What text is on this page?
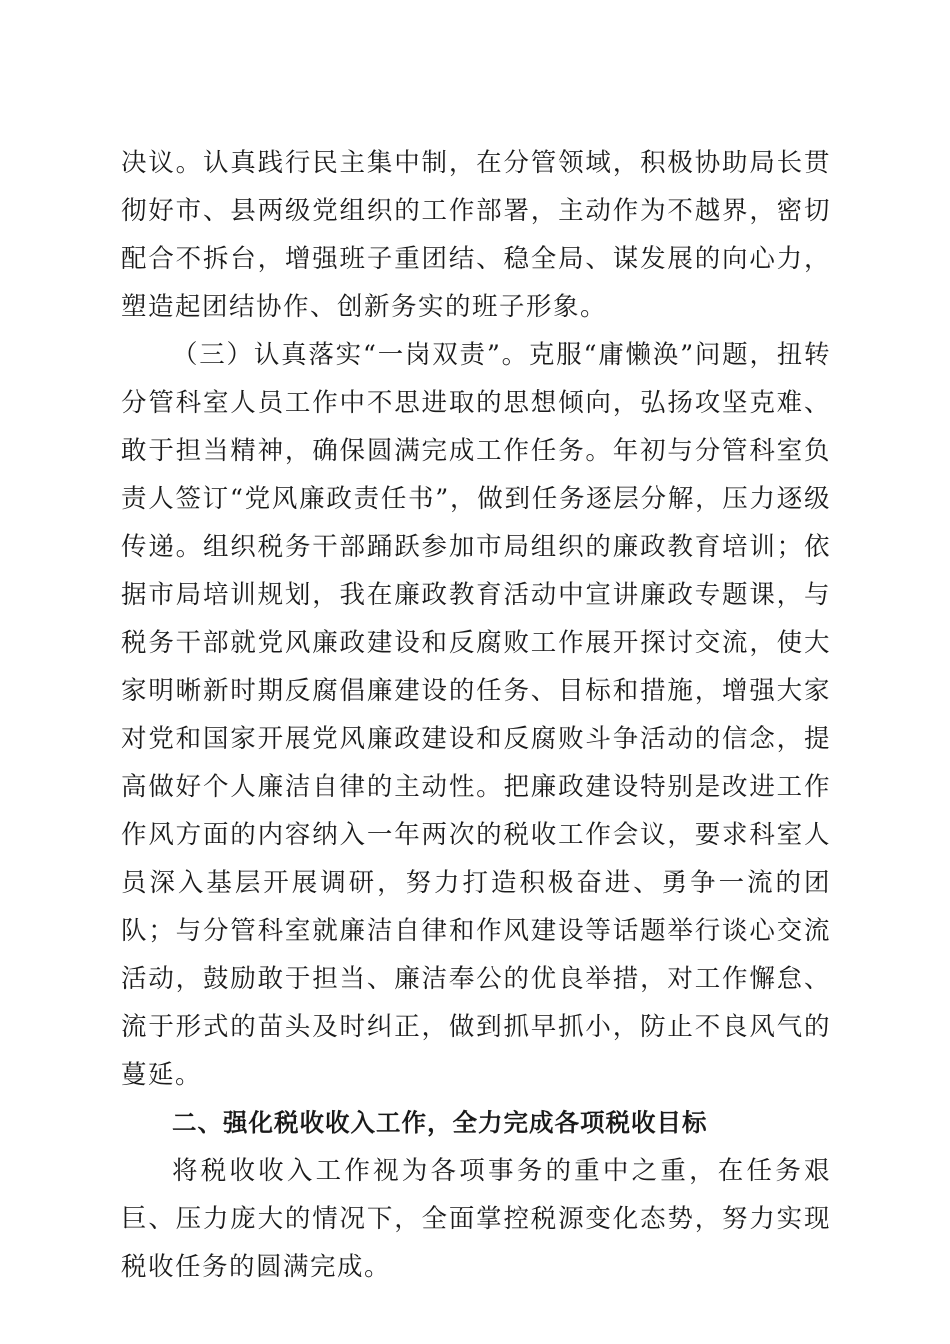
决议。认真践行民主集中制，在分管领域，积极协助局长贯彻好市、县两级党组织的工作部署，主动作为不越界，密切配合不拆台，增强班子重团结、稳全局、谋发展的向心力，塑造起团结协作、创新务实的班子形象。

（三）认真落实“一岗双责”。克服“庸懒涣”问题，扭转分管科室人员工作中不思进取的思想倾向，弘扬攻坚克难、敢于担当精神，确保圆满完成工作任务。年初与分管科室负责人签订“党风廉政责任书”，做到任务逐层分解，压力逐级传递。组织税务干部踊跃参加市局组织的廉政教育培训；依据市局培训规划，我在廉政教育活动中宣讲廉政专题课，与税务干部就党风廉政建设和反腐败工作展开探讨交流，使大家明晰新时期反腐倡廉建设的任务、目标和措施，增强大家对党和国家开展党风廉政建设和反腐败斗争活动的信念，提高做好个人廉洁自律的主动性。把廉政建设特别是改进工作作风方面的内容纳入一年两次的税收工作会议，要求科室人员深入基层开展调研，努力打造积极奋进、勇争一流的团队；与分管科室就廉洁自律和作风建设等话题举行谈心交流活动，鼓励敢于担当、廉洁奉公的优良举措，对工作懈怠、流于形式的苗头及时纠正，做到抓早抓小，防止不良风气的蔓延。

二、强化税收收入工作，全力完成各项税收目标

将税收收入工作视为各项事务的重中之重，在任务艰巨、压力庞大的情况下，全面掌控税源变化态势，努力实现税收任务的圆满完成。
